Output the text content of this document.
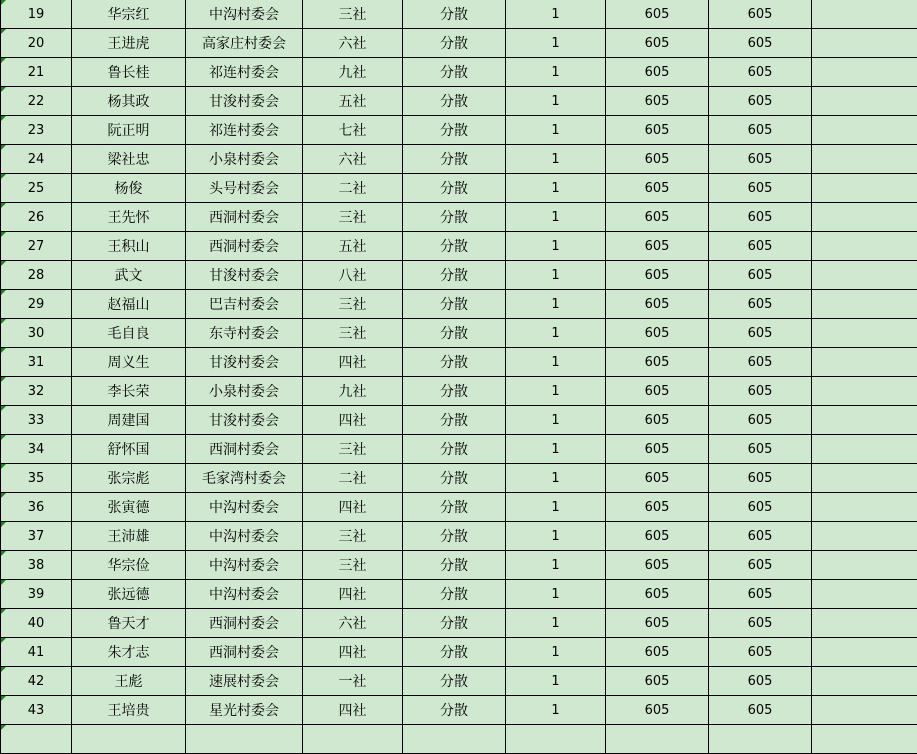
19	华宗红	中沟村委会	三社	分散	1	605	605	
20	王进虎	高家庄村委会	六社	分散	1	605	605	
21	鲁长桂	祁连村委会	九社	分散	1	605	605	
22	杨其政	甘浚村委会	五社	分散	1	605	605	
23	阮正明	祁连村委会	七社	分散	1	605	605	
24	梁社忠	小泉村委会	六社	分散	1	605	605	
25	杨俊	头号村委会	二社	分散	1	605	605	
26	王先怀	西洞村委会	三社	分散	1	605	605	
27	王积山	西洞村委会	五社	分散	1	605	605	
28	武文	甘浚村委会	八社	分散	1	605	605	
29	赵福山	巴吉村委会	三社	分散	1	605	605	
30	毛自良	东寺村委会	三社	分散	1	605	605	
31	周义生	甘浚村委会	四社	分散	1	605	605	
32	李长荣	小泉村委会	九社	分散	1	605	605	
33	周建国	甘浚村委会	四社	分散	1	605	605	
34	舒怀国	西洞村委会	三社	分散	1	605	605	
35	张宗彪	毛家湾村委会	二社	分散	1	605	605	
36	张寅德	中沟村委会	四社	分散	1	605	605	
37	王沛雄	中沟村委会	三社	分散	1	605	605	
38	华宗俭	中沟村委会	三社	分散	1	605	605	
39	张远德	中沟村委会	四社	分散	1	605	605	
40	鲁天才	西洞村委会	六社	分散	1	605	605	
41	朱才志	西洞村委会	四社	分散	1	605	605	
42	王彪	速展村委会	一社	分散	1	605	605	
43	王培贵	星光村委会	四社	分散	1	605	605	
